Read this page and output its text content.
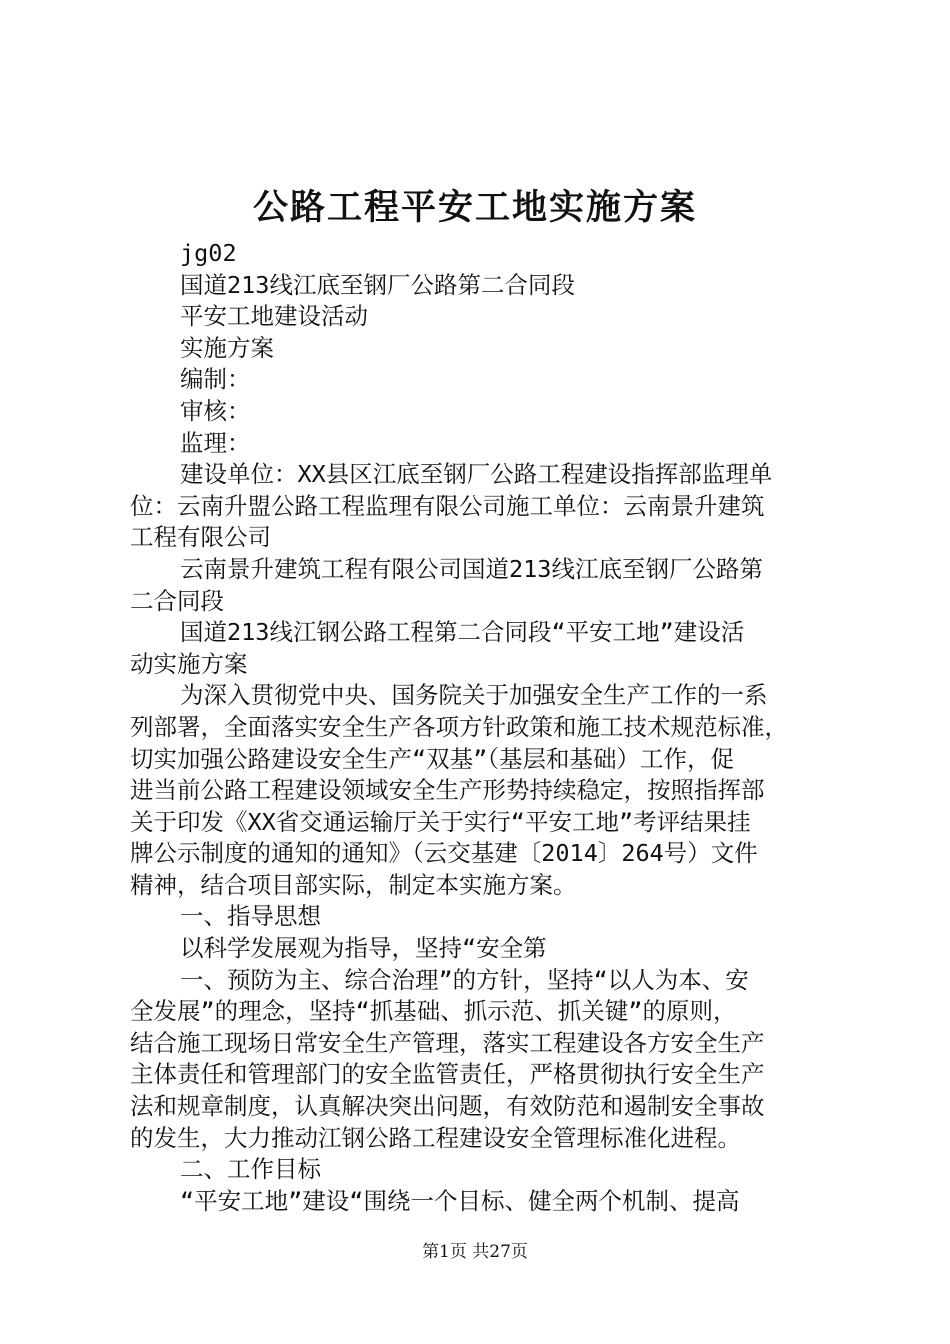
公路工程平安工地实施方案
jg02
国道213线江底至钢厂公路第二合同段
平安工地建设活动
实施方案
编制：
审核：
监理：
建设单位：XX县区江底至钢厂公路工程建设指挥部监理单
位：云南升盟公路工程监理有限公司施工单位：云南景升建筑
工程有限公司
云南景升建筑工程有限公司国道213线江底至钢厂公路第
二合同段
国道213线江钢公路工程第二合同段“平安工地”建设活
动实施方案
为深入贯彻党中央、国务院关于加强安全生产工作的一系
列部署，全面落实安全生产各项方针政策和施工技术规范标准，
切实加强公路建设安全生产“双基”（基层和基础）工作，促
进当前公路工程建设领域安全生产形势持续稳定，按照指挥部
关于印发《XX省交通运输厅关于实行“平安工地”考评结果挂
牌公示制度的通知的通知》（云交基建〔2014〕264号）文件
精神，结合项目部实际，制定本实施方案。
一、指导思想
以科学发展观为指导，坚持“安全第
一、预防为主、综合治理”的方针，坚持“以人为本、安
全发展”的理念，坚持“抓基础、抓示范、抓关键”的原则，
结合施工现场日常安全生产管理，落实工程建设各方安全生产
主体责任和管理部门的安全监管责任，严格贯彻执行安全生产
法和规章制度，认真解决突出问题，有效防范和遏制安全事故
的发生，大力推动江钢公路工程建设安全管理标准化进程。
二、工作目标
“平安工地”建设“围绕一个目标、健全两个机制、提高
第1页 共27页
